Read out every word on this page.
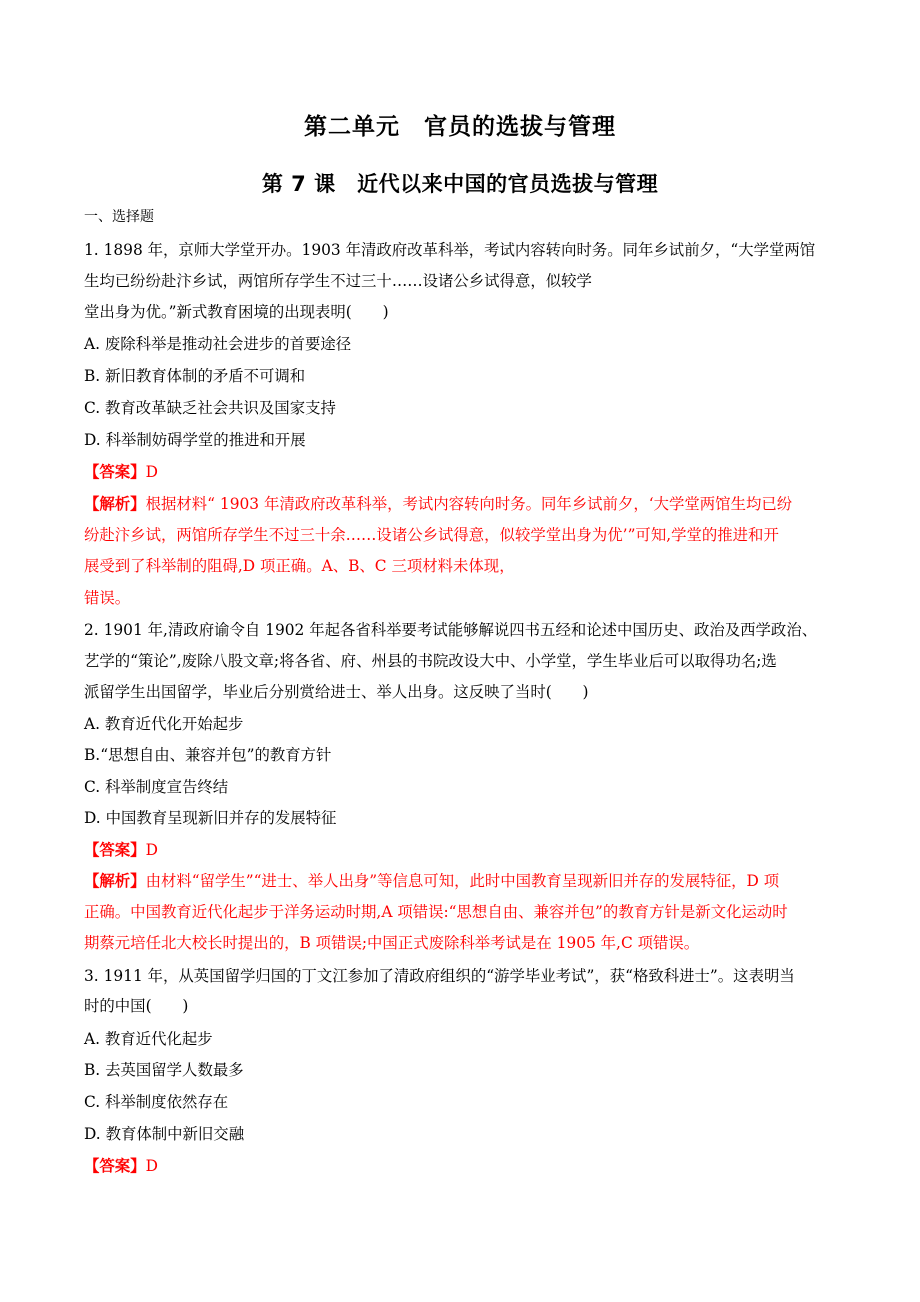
第二单元　官员的选拔与管理
第 7 课　近代以来中国的官员选拔与管理
一、选择题
1. 1898 年，京师大学堂开办。1903 年清政府改革科举，考试内容转向时务。同年乡试前夕，“大学堂两馆
生均已纷纷赴汴乡试，两馆所存学生不过三十……设诸公乡试得意，似较学
堂出身为优。”新式教育困境的出现表明(　　)
A. 废除科举是推动社会进步的首要途径
B. 新旧教育体制的矛盾不可调和
C. 教育改革缺乏社会共识及国家支持
D. 科举制妨碍学堂的推进和开展
【答案】D
【解析】根据材料“ 1903 年清政府改革科举，考试内容转向时务。同年乡试前夕，‘大学堂两馆生均已纷
纷赴汴乡试，两馆所存学生不过三十余……设诸公乡试得意，似较学堂出身为优’”可知,学堂的推进和开
展受到了科举制的阻碍,D 项正确。A、B、C 三项材料未体现，
错误。
2. 1901 年,清政府谕令自 1902 年起各省科举要考试能够解说四书五经和论述中国历史、政治及西学政治、
艺学的“策论”,废除八股文章;将各省、府、州县的书院改设大中、小学堂，学生毕业后可以取得功名;选
派留学生出国留学，毕业后分别赏给进士、举人出身。这反映了当时(　　)
A. 教育近代化开始起步
B.“思想自由、兼容并包”的教育方针
C. 科举制度宣告终结
D. 中国教育呈现新旧并存的发展特征
【答案】D
【解析】由材料“留学生”“进士、举人出身”等信息可知，此时中国教育呈现新旧并存的发展特征，D 项
正确。中国教育近代化起步于洋务运动时期,A 项错误:“思想自由、兼容并包”的教育方针是新文化运动时
期蔡元培任北大校长时提出的，B 项错误;中国正式废除科举考试是在 1905 年,C 项错误。
3. 1911 年，从英国留学归国的丁文江参加了清政府组织的“游学毕业考试”，获“格致科进士”。这表明当
时的中国(　　)
A. 教育近代化起步
B. 去英国留学人数最多
C. 科举制度依然存在
D. 教育体制中新旧交融
【答案】D
